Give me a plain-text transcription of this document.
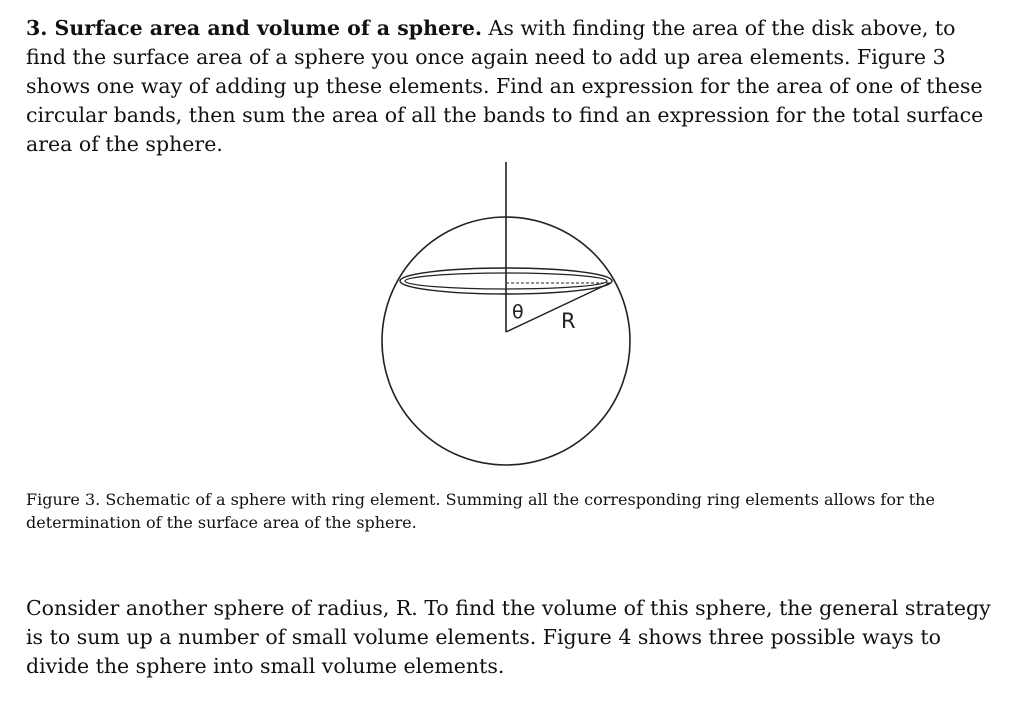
3. Surface area and volume of a sphere. As with finding the area of the disk above, to find the surface area of a sphere you once again need to add up area elements. Figure 3 shows one way of adding up these elements. Find an expression for the area of one of these circular bands, then sum the area of all the bands to find an expression for the total surface area of the sphere.

θ R

Figure 3. Schematic of a sphere with ring element. Summing all the corresponding ring elements allows for the determination of the surface area of the sphere.

Consider another sphere of radius, R. To find the volume of this sphere, the general strategy is to sum up a number of small volume elements. Figure 4 shows three possible ways to divide the sphere into small volume elements.
